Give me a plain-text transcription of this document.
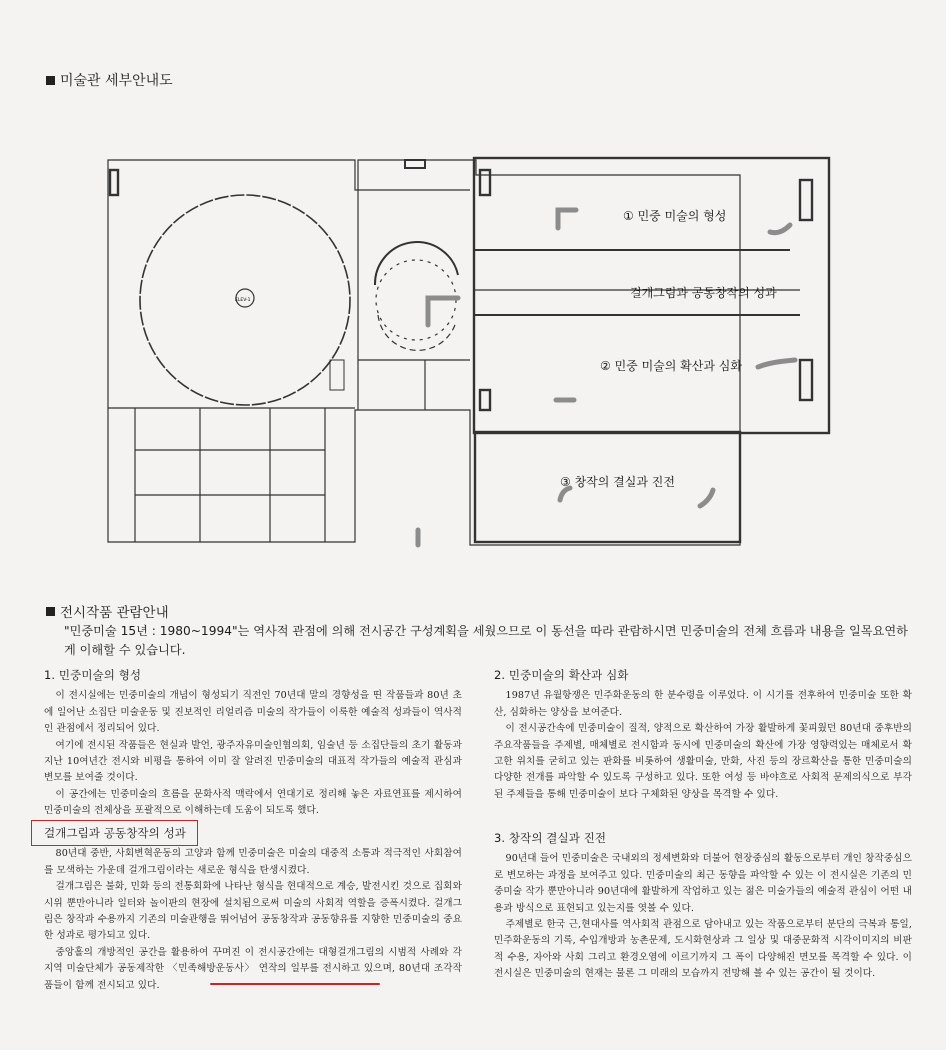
미술관 세부안내도
① 민중 미술의 형성
걸개그림과 공동창작의 성과
② 민중 미술의 확산과 심화
③ 창작의 결실과 진전
ELEV-1
전시작품 관람안내
"민중미술 15년 : 1980~1994"는 역사적 관점에 의해 전시공간 구성계획을 세웠으므로 이 동선을 따라 관람하시면 민중미술의 전체 흐름과 내용을 일목요연하게 이해할 수 있습니다.
1. 민중미술의 형성

이 전시실에는 민중미술의 개념이 형성되기 직전인 70년대 말의 경향성을 띤 작품들과 80년 초에 일어난 소집단 미술운동 및 진보적인 리얼리즘 미술의 작가들이 이룩한 예술적 성과들이 역사적인 관점에서 정리되어 있다.

여기에 전시된 작품들은 현실과 발언, 광주자유미술인협의회, 임술년 등 소집단들의 초기 활동과 지난 10여년간 전시와 비평을 통하여 이미 잘 알려진 민중미술의 대표적 작가들의 예술적 관심과 변모를 보여줄 것이다.

이 공간에는 민중미술의 흐름을 문화사적 맥락에서 연대기로 정리해 놓은 자료연표를 제시하여 민중미술의 전체상을 포괄적으로 이해하는데 도움이 되도록 했다.

걸개그림과 공동창작의 성과

80년대 중반, 사회변혁운동의 고양과 함께 민중미술은 미술의 대중적 소통과 적극적인 사회참여를 모색하는 가운데 걸개그림이라는 새로운 형식을 탄생시켰다.

걸개그림은 불화, 민화 등의 전통회화에 나타난 형식을 현대적으로 계승, 발전시킨 것으로 집회와 시위 뿐만아니라 일터와 놀이판의 현장에 설치됨으로써 미술의 사회적 역할을 증폭시켰다. 걸개그림은 창작과 수용까지 기존의 미술관행을 뛰어넘어 공동창작과 공동향유를 지향한 민중미술의 중요한 성과로 평가되고 있다.

중앙홀의 개방적인 공간을 활용하여 꾸며진 이 전시공간에는 대형걸개그림의 시범적 사례와 각 지역 미술단체가 공동제작한 〈민족해방운동사〉 연작의 일부를 전시하고 있으며, 80년대 조각작품들이 함께 전시되고 있다.

2. 민중미술의 확산과 심화

1987년 유월항쟁은 민주화운동의 한 분수령을 이루었다. 이 시기를 전후하여 민중미술 또한 확산, 심화하는 양상을 보여준다.

이 전시공간속에 민중미술이 질적, 양적으로 확산하여 가장 활발하게 꽃피웠던 80년대 중후반의 주요작품들을 주제별, 매체별로 전시함과 동시에 민중미술의 확산에 가장 영향력있는 매체로서 확고한 위치를 굳히고 있는 판화를 비롯하여 생활미술, 만화, 사진 등의 장르확산을 통한 민중미술의 다양한 전개를 파악할 수 있도록 구성하고 있다. 또한 여성 등 바야흐로 사회적 문제의식으로 부각된 주제들을 통해 민중미술이 보다 구체화된 양상을 목격할 수 있다.

3. 창작의 결실과 진전

90년대 들어 민중미술은 국내외의 정세변화와 더불어 현장중심의 활동으로부터 개인 창작중심으로 변모하는 과정을 보여주고 있다. 민중미술의 최근 동향을 파악할 수 있는 이 전시실은 기존의 민중미술 작가 뿐만아니라 90년대에 활발하게 작업하고 있는 젊은 미술가들의 예술적 관심이 어떤 내용과 방식으로 표현되고 있는지를 엿볼 수 있다.

주제별로 한국 근,현대사를 역사회적 관점으로 담아내고 있는 작품으로부터 분단의 극복과 통일, 민주화운동의 기록, 수입개방과 농촌문제, 도시화현상과 그 일상 및 대중문화적 시각이미지의 비판적 수용, 자아와 사회 그리고 환경오염에 이르기까지 그 폭이 다양해진 면모를 목격할 수 있다. 이 전시실은 민중미술의 현재는 물론 그 미래의 모습까지 전망해 볼 수 있는 공간이 될 것이다.
